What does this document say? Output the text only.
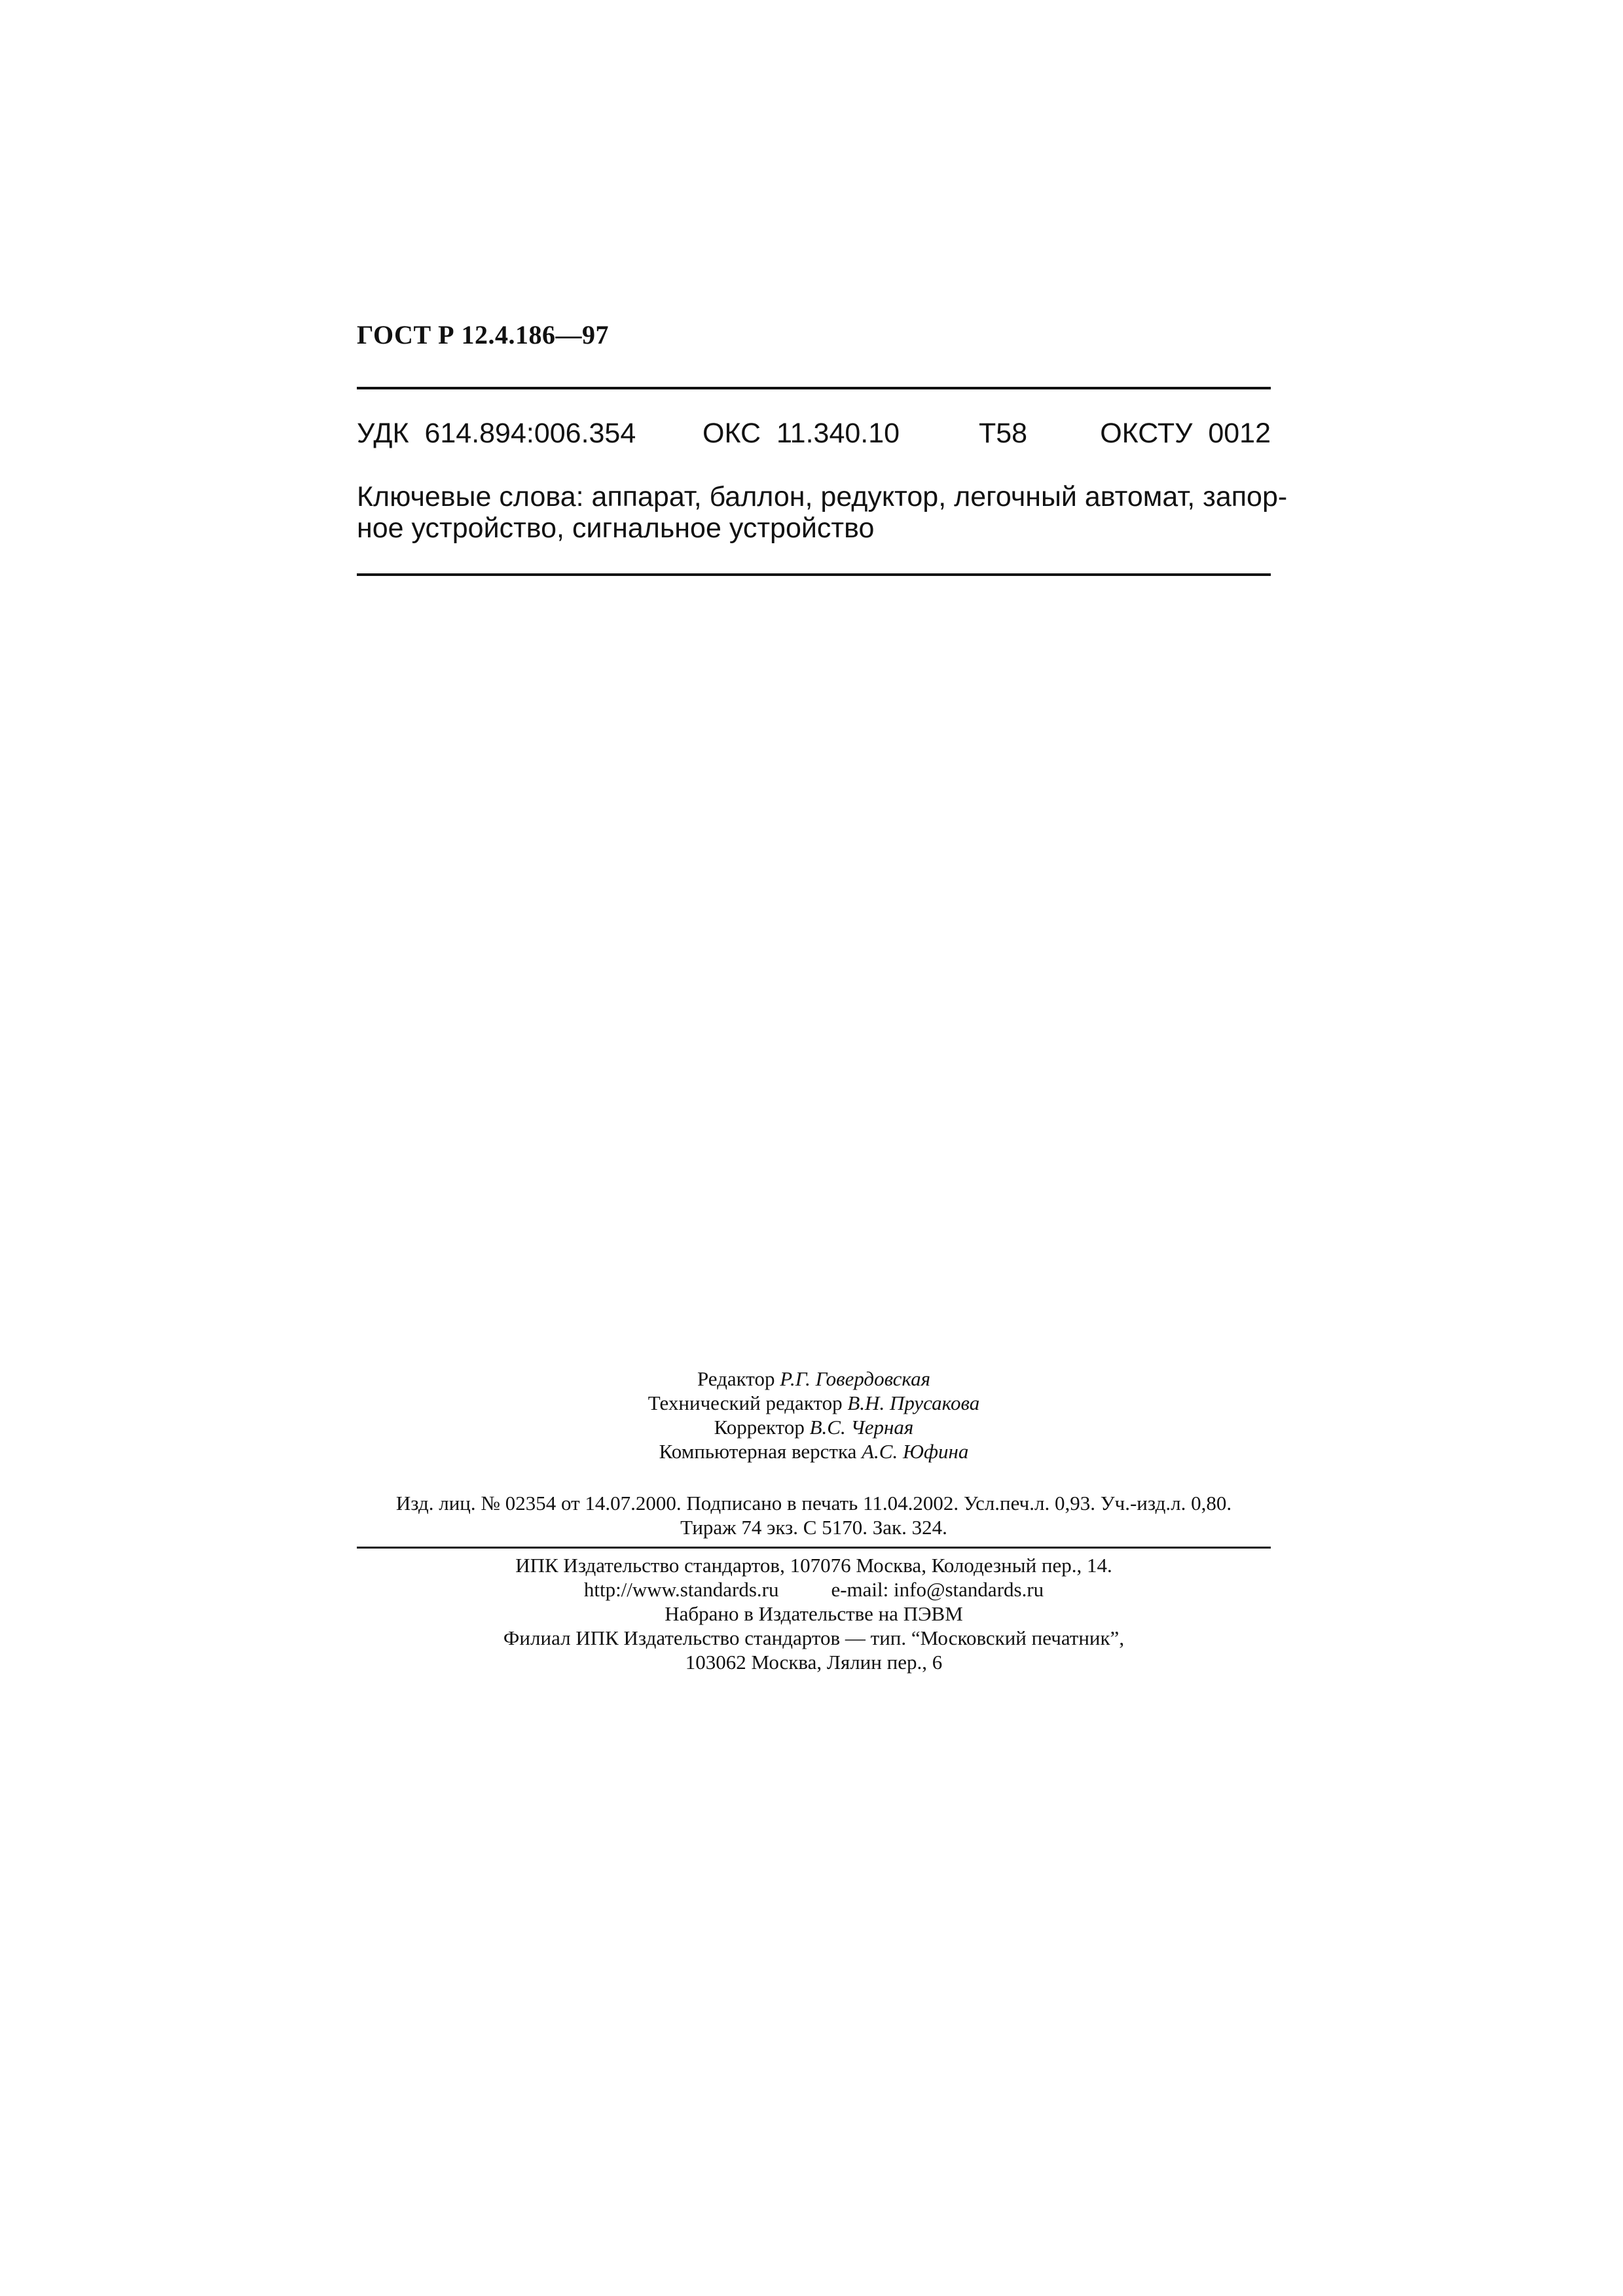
ГОСТ Р 12.4.186—97
УДК  614.894:006.354 ОКС  11.340.10	Т58	ОКСТУ  0012
Ключевые слова: аппарат, баллон, редуктор, легочный автомат, запор-
ное устройство, сигнальное устройство
Редактор Р.Г. Говердовская
Технический редактор В.Н. Прусакова
Корректор В.С. Черная
Компьютерная верстка А.С. Юфина
Изд. лиц. № 02354 от 14.07.2000. Подписано в печать 11.04.2002. Усл.печ.л. 0,93. Уч.-изд.л. 0,80.
Тираж 74 экз. С 5170. Зак. 324.
ИПК Издательство стандартов, 107076 Москва, Колодезный пер., 14.
http://www.standards.ru	e-mail: info@standards.ru
Набрано в Издательстве на ПЭВМ
Филиал ИПК Издательство стандартов — тип. “Московский печатник”,
103062 Москва, Лялин пер., 6
